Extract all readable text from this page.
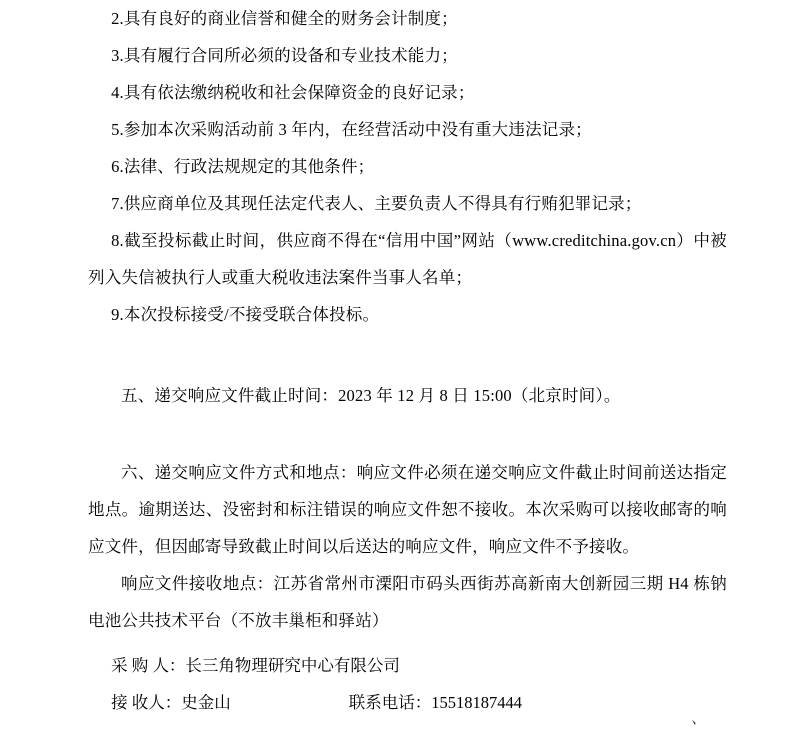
2.具有良好的商业信誉和健全的财务会计制度；

3.具有履行合同所必须的设备和专业技术能力；

4.具有依法缴纳税收和社会保障资金的良好记录；

5.参加本次采购活动前 3 年内，在经营活动中没有重大违法记录；

6.法律、行政法规规定的其他条件；

7.供应商单位及其现任法定代表人、主要负责人不得具有行贿犯罪记录；

8.截至投标截止时间，供应商不得在“信用中国”网站（www.creditchina.gov.cn）中被列入失信被执行人或重大税收违法案件当事人名单；

9.本次投标接受/不接受联合体投标。

五、递交响应文件截止时间：2023 年 12 月 8 日 15:00（北京时间）。

六、递交响应文件方式和地点：响应文件必须在递交响应文件截止时间前送达指定地点。逾期送达、没密封和标注错误的响应文件恕不接收。本次采购可以接收邮寄的响应文件，但因邮寄导致截止时间以后送达的响应文件，响应文件不予接收。

响应文件接收地点：江苏省常州市溧阳市码头西街苏高新南大创新园三期 H4 栋钠电池公共技术平台（不放丰巢柜和驿站）

采 购 人：长三角物理研究中心有限公司
接 收人：史金山	联系电话：15518187444
、
